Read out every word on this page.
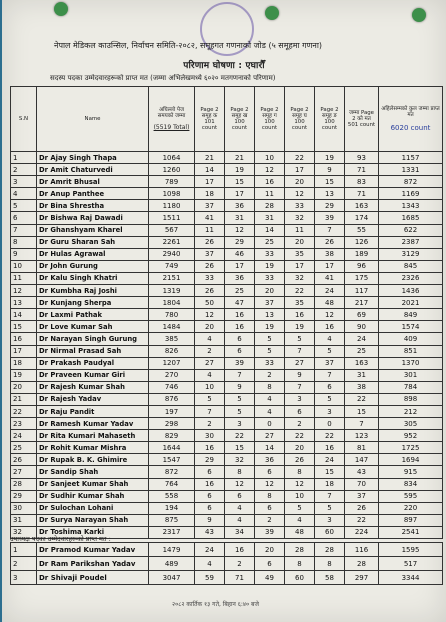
नेपाल मेडिकल काउन्सिल, निर्वाचन समिति-२०८२, समूहगत गणनाको जोड (५ समूहमा गणना)
परिणाम घोषणा : एघारौँ
सदस्य पदका उम्मेदवारहरूको प्राप्त मत (जम्मा अभिलेखमध्ये ६०२० मतगणनाको परिणाम)
S.N	Name	अघिल्लो पेज समयको जम्मा

(5519 Total)	Page 2 समूह क 101 count	Page 2 समूह ख 100 count	Page 2 समूह ग 100 count	Page 2 समूह घ 100 count	Page 2 समूह ङ 100 count	जम्मा Page 2 को मत 501 count	अहिलेसम्मको कुल जम्मा प्राप्त मत

6020 count
1	Dr Ajay Singh Thapa	1064	21	21	10	22	19	93	1157
2	Dr Amit Chaturvedi	1260	14	19	12	17	9	71	1331
3	Dr Amrit Bhusal	789	17	15	16	20	15	83	872
4	Dr Anup Panthee	1098	18	17	11	12	13	71	1169
5	Dr Bina Shrestha	1180	37	36	28	33	29	163	1343
6	Dr Bishwa Raj Dawadi	1511	41	31	31	32	39	174	1685
7	Dr Ghanshyam Kharel	567	11	12	14	11	7	55	622
8	Dr Guru Sharan Sah	2261	26	29	25	20	26	126	2387
9	Dr Hulas Agrawal	2940	37	46	33	35	38	189	3129
10	Dr John Gurung	749	26	17	19	17	17	96	845
11	Dr Kalu Singh Khatri	2151	33	36	33	32	41	175	2326
12	Dr Kumbha Raj Joshi	1319	26	25	20	22	24	117	1436
13	Dr Kunjang Sherpa	1804	50	47	37	35	48	217	2021
14	Dr Laxmi Pathak	780	12	16	13	16	12	69	849
15	Dr Love Kumar Sah	1484	20	16	19	19	16	90	1574
16	Dr Narayan Singh Gurung	385	4	6	5	5	4	24	409
17	Dr Nirmal Prasad Sah	826	2	6	5	7	5	25	851
18	Dr Prakash Paudyal	1207	27	39	33	27	37	163	1370
19	Dr Praveen Kumar Giri	270	4	7	2	9	7	31	301
20	Dr Rajesh Kumar Shah	746	10	9	8	7	6	38	784
21	Dr Rajesh Yadav	876	5	5	4	3	5	22	898
22	Dr Raju Pandit	197	7	5	4	6	3	15	212
23	Dr Ramesh Kumar Yadav	298	2	3	0	2	0	7	305
24	Dr Rita Kumari Mahaseth	829	30	22	27	22	22	123	952
25	Dr Rohit Kumar Mishra	1644	16	15	14	20	16	81	1725
26	Dr Rupak B. K. Ghimire	1547	29	32	36	26	24	147	1694
27	Dr Sandip Shah	872	6	8	6	8	15	43	915
28	Dr Sanjeet Kumar Shah	764	16	12	12	12	18	70	834
29	Dr Sudhir Kumar Shah	558	6	6	8	10	7	37	595
30	Dr Sulochan Lohani	194	6	4	6	5	5	26	220
31	Dr Surya Narayan Shah	875	9	4	2	4	3	22	897
32	Dr Toshima Karki	2317	43	34	39	48	60	224	2541
उपाध्यक्ष पदका उम्मेदवारहरूको प्राप्त मत :
1	Dr Pramod Kumar Yadav	1479	24	16	20	28	28	116	1595
2	Dr Ram Parikshan Yadav	489	4	2	6	8	8	28	517
3	Dr Shivaji Poudel	3047	59	71	49	60	58	297	3344
२०८२ कार्तिक १३ गते, बिहान ६:४० बजे
